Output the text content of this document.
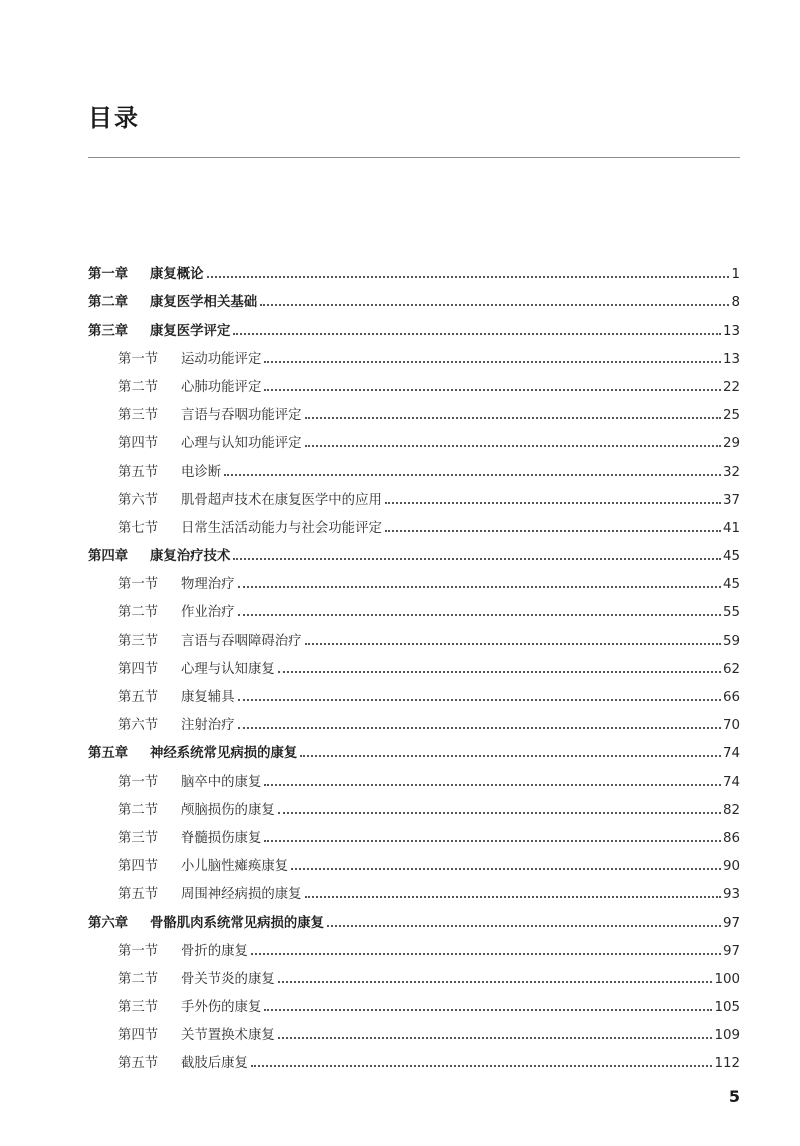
目录
第一章	康复概论	1
第二章	康复医学相关基础	8
第三章	康复医学评定	13
第一节	运动功能评定	13
第二节	心肺功能评定	22
第三节	言语与吞咽功能评定	25
第四节	心理与认知功能评定	29
第五节	电诊断	32
第六节	肌骨超声技术在康复医学中的应用	37
第七节	日常生活活动能力与社会功能评定	41
第四章	康复治疗技术	45
第一节	物理治疗	45
第二节	作业治疗	55
第三节	言语与吞咽障碍治疗	59
第四节	心理与认知康复	62
第五节	康复辅具	66
第六节	注射治疗	70
第五章	神经系统常见病损的康复	74
第一节	脑卒中的康复	74
第二节	颅脑损伤的康复	82
第三节	脊髓损伤康复	86
第四节	小儿脑性瘫痪康复	90
第五节	周围神经病损的康复	93
第六章	骨骼肌肉系统常见病损的康复	97
第一节	骨折的康复	97
第二节	骨关节炎的康复	100
第三节	手外伤的康复	105
第四节	关节置换术康复	109
第五节	截肢后康复	112
5
